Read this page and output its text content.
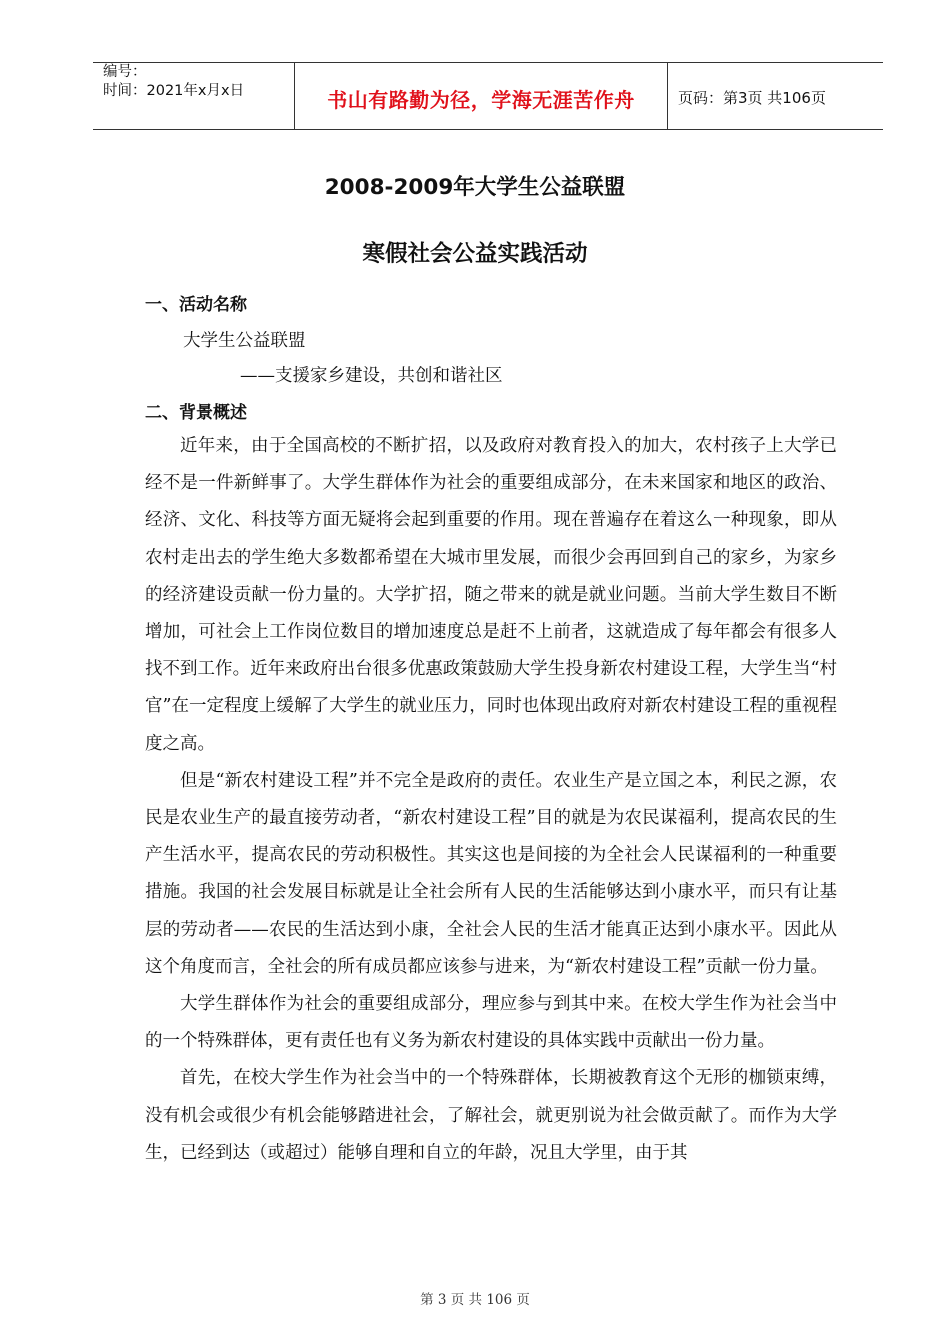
编号：
时间：2021年x月x日	书山有路勤为径，学海无涯苦作舟	页码：第3页 共106页
2008-2009年大学生公益联盟
寒假社会公益实践活动
一、活动名称
大学生公益联盟
——支援家乡建设，共创和谐社区
二、背景概述

近年来，由于全国高校的不断扩招，以及政府对教育投入的加大，农村孩子上大学已经不是一件新鲜事了。大学生群体作为社会的重要组成部分，在未来国家和地区的政治、经济、文化、科技等方面无疑将会起到重要的作用。现在普遍存在着这么一种现象，即从农村走出去的学生绝大多数都希望在大城市里发展，而很少会再回到自己的家乡，为家乡的经济建设贡献一份力量的。大学扩招，随之带来的就是就业问题。当前大学生数目不断增加，可社会上工作岗位数目的增加速度总是赶不上前者，这就造成了每年都会有很多人找不到工作。近年来政府出台很多优惠政策鼓励大学生投身新农村建设工程，大学生当“村官”在一定程度上缓解了大学生的就业压力，同时也体现出政府对新农村建设工程的重视程度之高。

但是“新农村建设工程”并不完全是政府的责任。农业生产是立国之本，利民之源，农民是农业生产的最直接劳动者，“新农村建设工程”目的就是为农民谋福利，提高农民的生产生活水平，提高农民的劳动积极性。其实这也是间接的为全社会人民谋福利的一种重要措施。我国的社会发展目标就是让全社会所有人民的生活能够达到小康水平，而只有让基层的劳动者——农民的生活达到小康，全社会人民的生活才能真正达到小康水平。因此从这个角度而言，全社会的所有成员都应该参与进来，为“新农村建设工程”贡献一份力量。

大学生群体作为社会的重要组成部分，理应参与到其中来。在校大学生作为社会当中的一个特殊群体，更有责任也有义务为新农村建设的具体实践中贡献出一份力量。

首先，在校大学生作为社会当中的一个特殊群体，长期被教育这个无形的枷锁束缚，没有机会或很少有机会能够踏进社会，了解社会，就更别说为社会做贡献了。而作为大学生，已经到达（或超过）能够自理和自立的年龄，况且大学里，由于其

第 3 页 共 106 页
